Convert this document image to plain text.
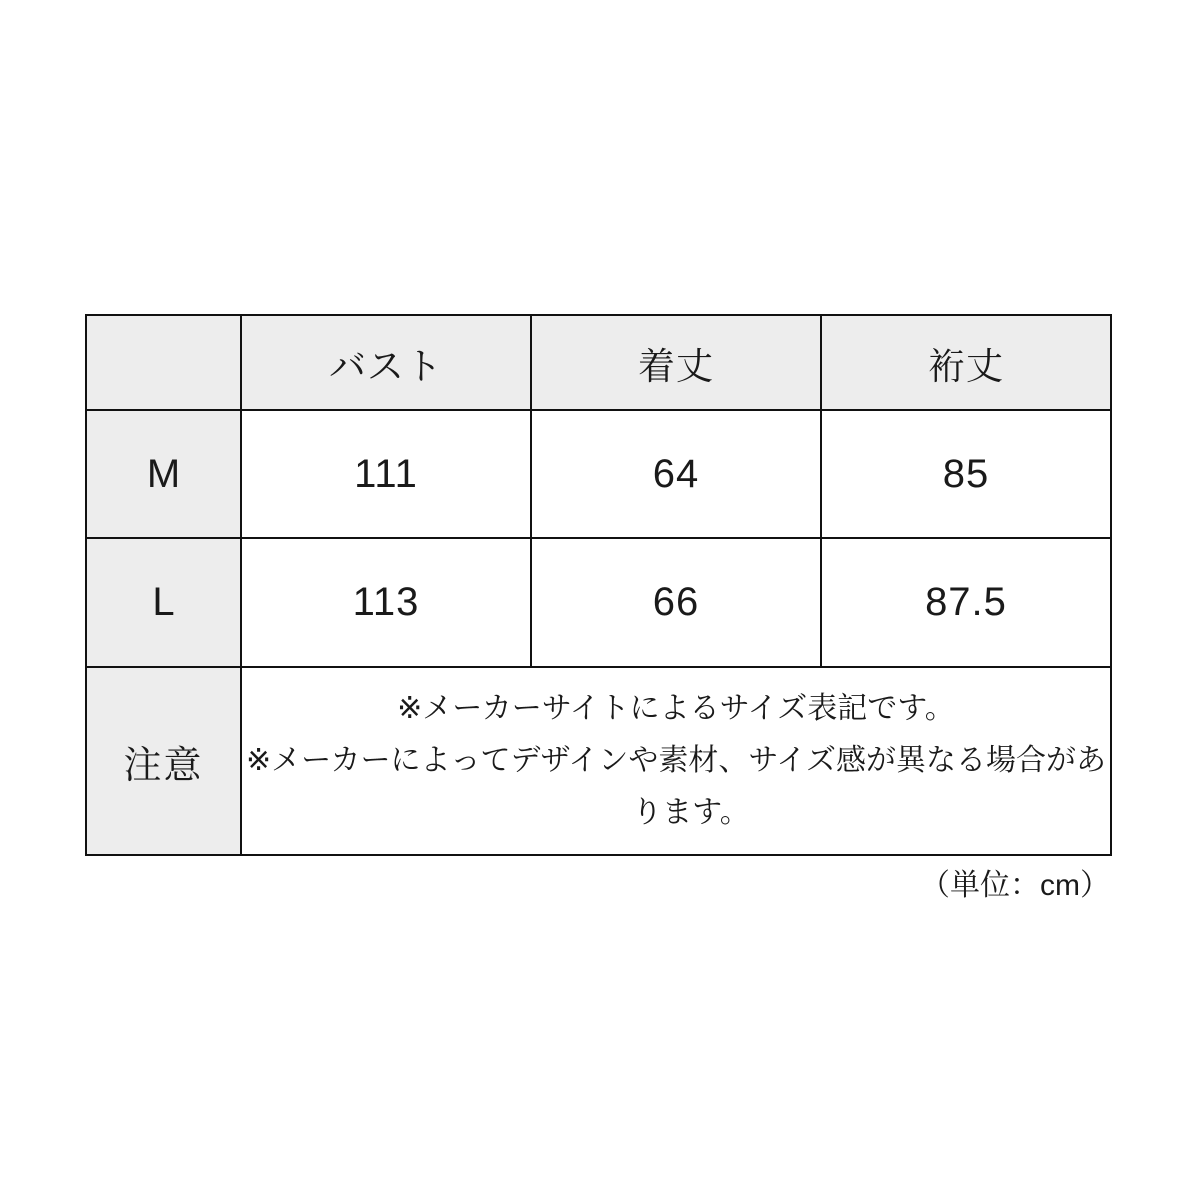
	バスト	着丈	裄丈
M	111	64	85
L	113	66	87.5
注意	※メーカーサイトによるサイズ表記です。
※メーカーによってデザインや素材、サイズ感が異なる場合があります。		
（単位：cm）
